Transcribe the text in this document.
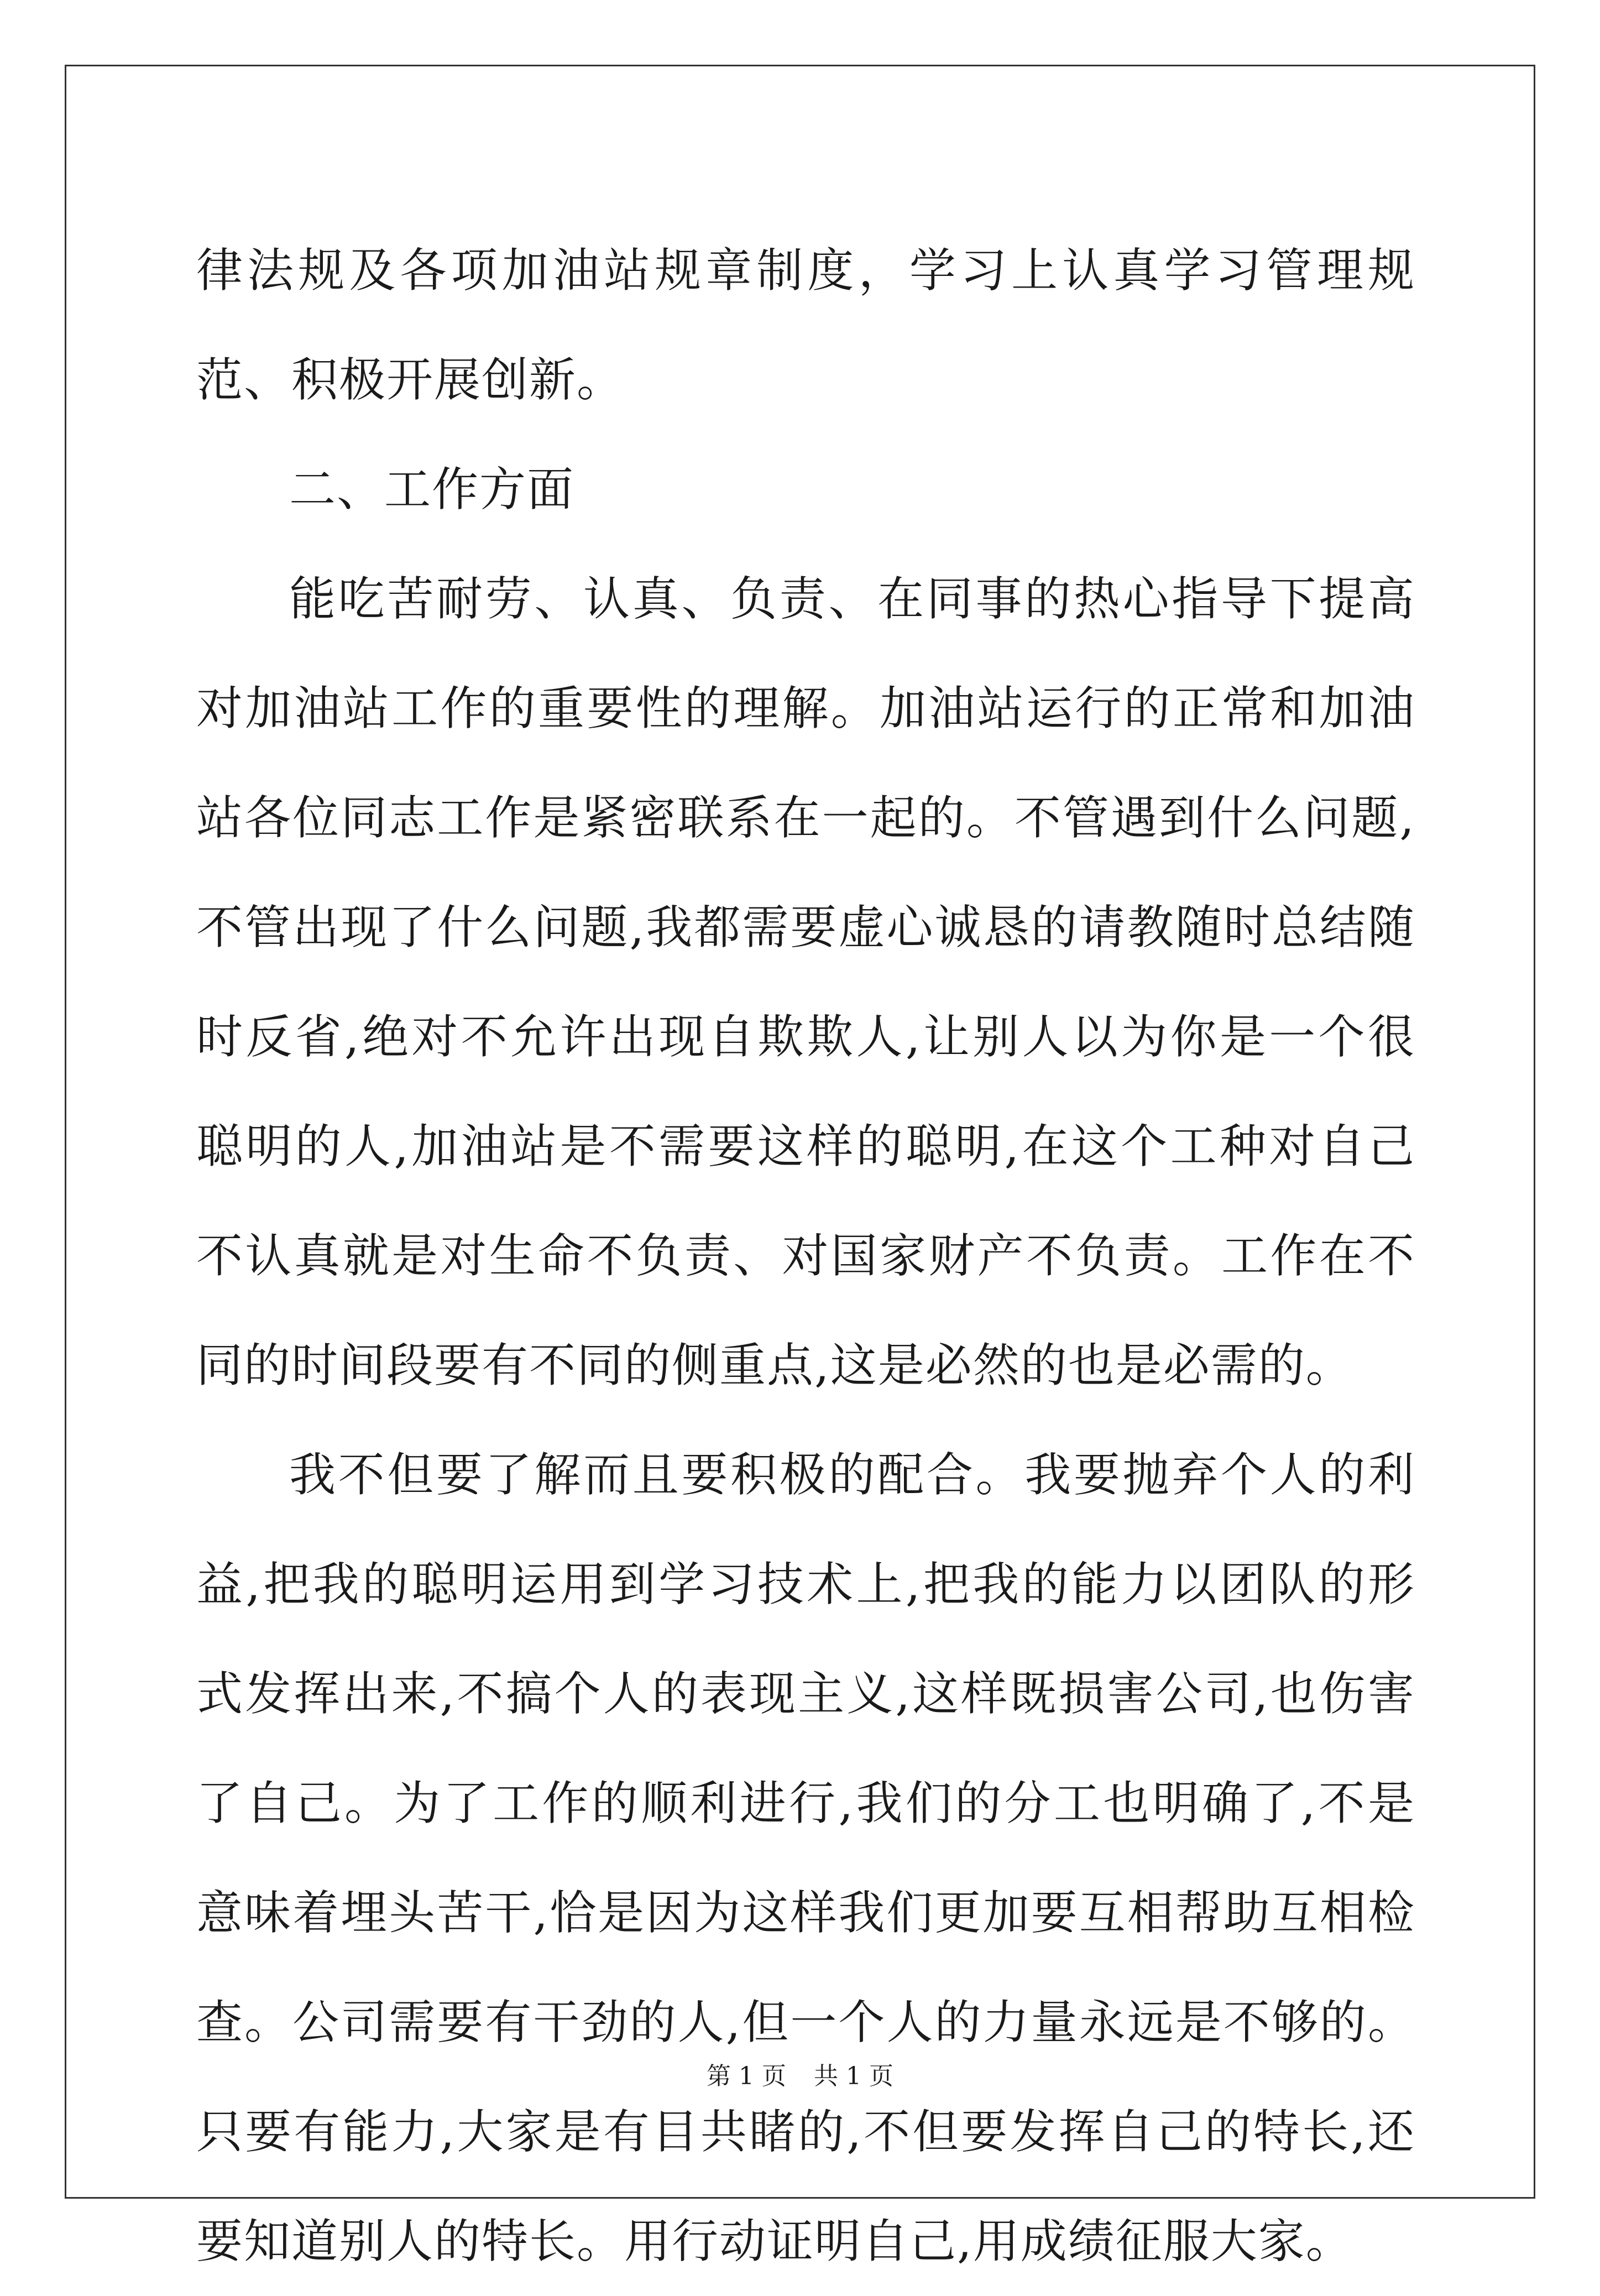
律法规及各项加油站规章制度，学习上认真学习管理规范、积极开展创新。

二、工作方面

能吃苦耐劳、认真、负责、在同事的热心指导下提高对加油站工作的重要性的理解。加油站运行的正常和加油站各位同志工作是紧密联系在一起的。不管遇到什么问题,不管出现了什么问题,我都需要虚心诚恳的请教随时总结随时反省,绝对不允许出现自欺欺人,让别人以为你是一个很聪明的人,加油站是不需要这样的聪明,在这个工种对自己不认真就是对生命不负责、对国家财产不负责。工作在不同的时间段要有不同的侧重点,这是必然的也是必需的。

我不但要了解而且要积极的配合。我要抛弃个人的利益,把我的聪明运用到学习技术上,把我的能力以团队的形式发挥出来,不搞个人的表现主义,这样既损害公司,也伤害了自己。为了工作的顺利进行,我们的分工也明确了,不是意味着埋头苦干,恰是因为这样我们更加要互相帮助互相检查。公司需要有干劲的人,但一个人的力量永远是不够的。只要有能力,大家是有目共睹的,不但要发挥自己的特长,还要知道别人的特长。用行动证明自己,用成绩征服大家。

第 1 页 共 1 页
